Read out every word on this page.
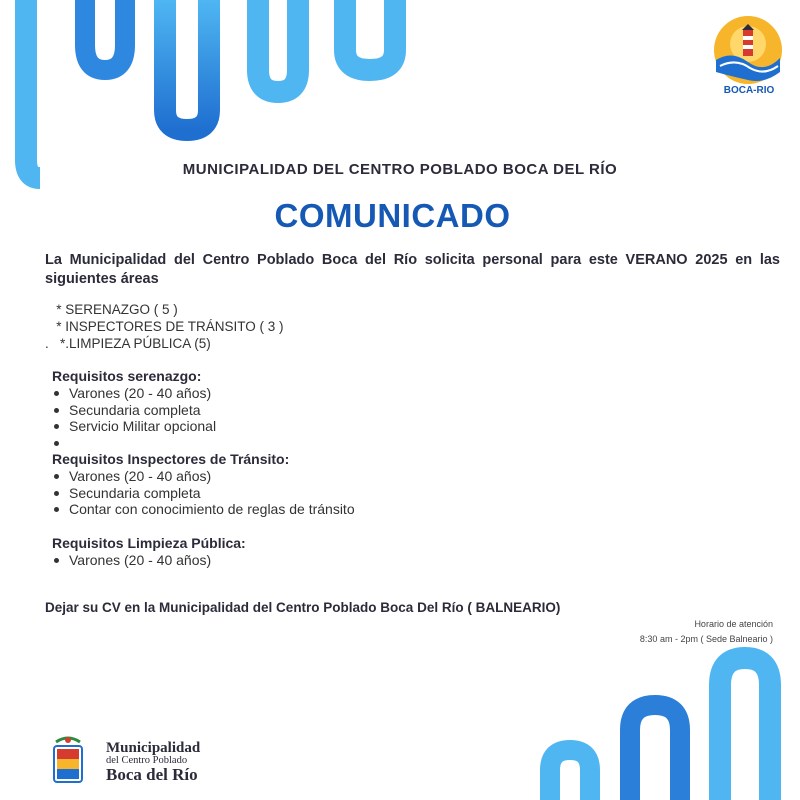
BOCA-RIO
MUNICIPALIDAD DEL CENTRO POBLADO BOCA DEL RÍO
COMUNICADO
La Municipalidad del Centro Poblado Boca del Río solicita personal para este VERANO 2025 en las siguientes áreas
* SERENAZGO ( 5 )
* INSPECTORES DE TRÁNSITO ( 3 )
.   *.LIMPIEZA PÚBLICA (5)
Requisitos serenazgo:
Varones (20 - 40 años)
Secundaria completa
Servicio Militar opcional
Requisitos Inspectores de Tránsito:
Varones (20 - 40 años)
Secundaria completa
Contar con conocimiento de reglas de tránsito
Requisitos Limpieza Pública:
Varones (20 - 40 años)
Dejar su CV en la Municipalidad del Centro Poblado Boca Del Río ( BALNEARIO)
Horario de atención
8:30 am - 2pm ( Sede Balneario )
Municipalidad
del Centro Poblado
Boca del Río
